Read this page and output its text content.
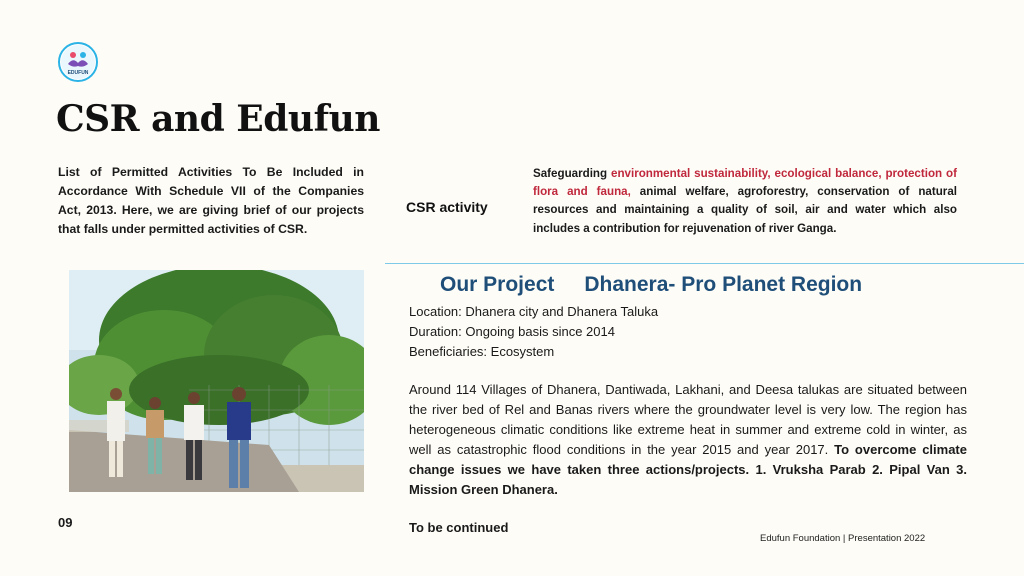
EDUFUN
CSR and Edufun

List of Permitted Activities To Be Included in Accordance With Schedule VII of the Companies Act, 2013. Here, we are giving brief of our projects that falls under permitted activities of CSR.

CSR activity

Safeguarding environmental sustainability, ecological balance, protection of flora and fauna, animal welfare, agroforestry, conservation of natural resources and maintaining a quality of soil, air and water which also includes a contribution for rejuvenation of river Ganga.

Our Project Dhanera- Pro Planet Region
Location: Dhanera city and Dhanera Taluka
Duration: Ongoing basis since 2014
Beneficiaries: Ecosystem

Around 114 Villages of Dhanera, Dantiwada, Lakhani, and Deesa talukas are situated between the river bed of Rel and Banas rivers where the groundwater level is very low. The region has heterogeneous climatic conditions like extreme heat in summer and extreme cold in winter, as well as catastrophic flood conditions in the year 2015 and year 2017. To overcome climate change issues we have taken three actions/projects. 1. Vruksha Parab 2. Pipal Van 3. Mission Green Dhanera.

To be continued
09
Edufun Foundation | Presentation 2022
